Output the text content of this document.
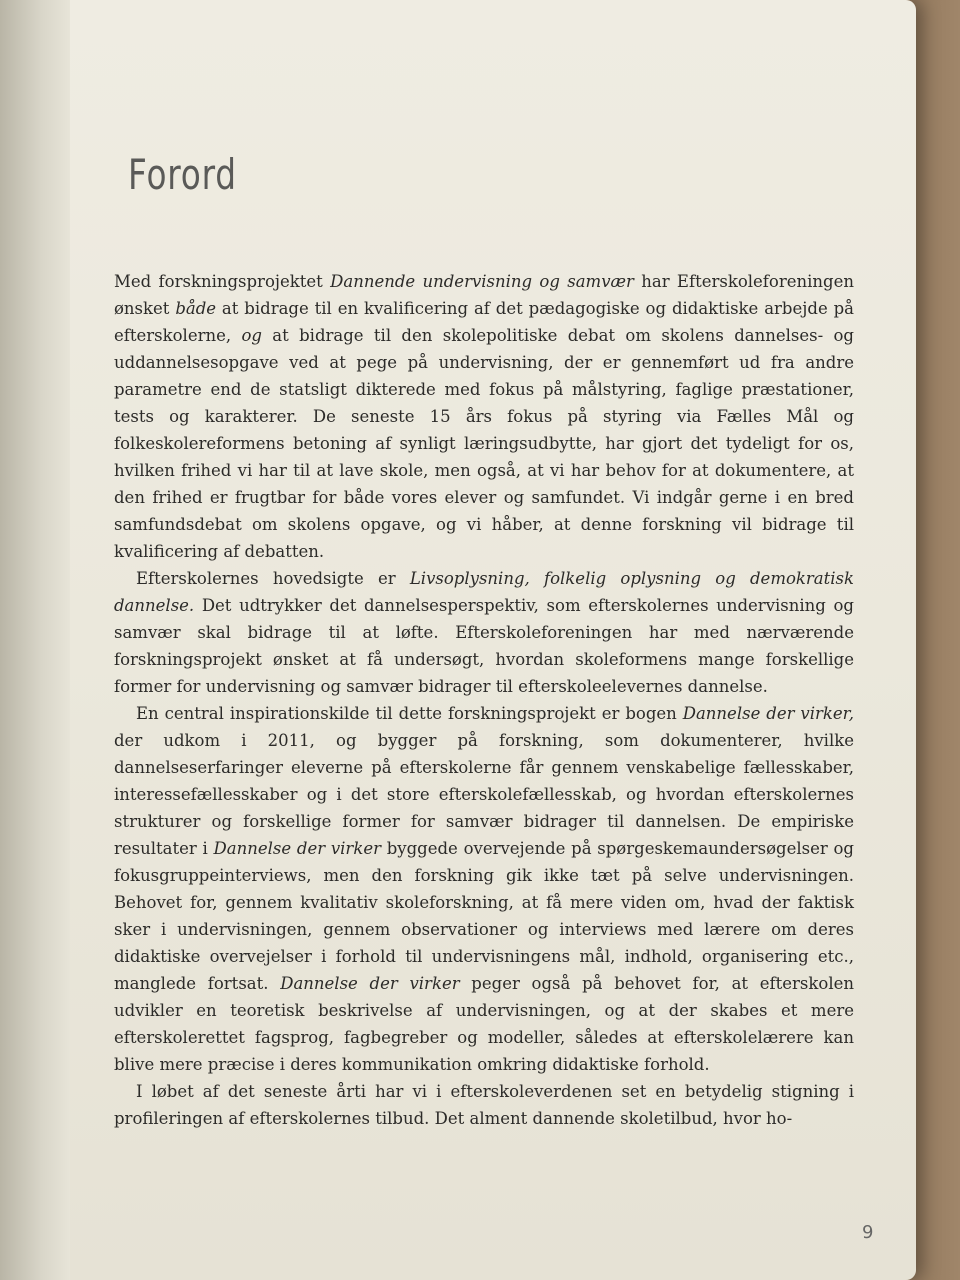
Forord

Med forskningsprojektet Dannende undervisning og samvær har Efterskoleforeningen ønsket både at bidrage til en kvalificering af det pædagogiske og didaktiske arbejde på efterskolerne, og at bidrage til den skolepolitiske debat om skolens dannelses- og uddannelsesopgave ved at pege på undervisning, der er gennemført ud fra andre parametre end de statsligt dikterede med fokus på målstyring, faglige præstationer, tests og karakterer. De seneste 15 års fokus på styring via Fælles Mål og folkeskolereformens betoning af synligt læringsudbytte, har gjort det tydeligt for os, hvilken frihed vi har til at lave skole, men også, at vi har behov for at dokumentere, at den frihed er frugtbar for både vores elever og samfundet. Vi indgår gerne i en bred samfundsdebat om skolens opgave, og vi håber, at denne forskning vil bidrage til kvalificering af debatten.

Efterskolernes hovedsigte er Livsoplysning, folkelig oplysning og demokratisk dannelse. Det udtrykker det dannelsesperspektiv, som efterskolernes undervisning og samvær skal bidrage til at løfte. Efterskoleforeningen har med nærværende forskningsprojekt ønsket at få undersøgt, hvordan skoleformens mange forskellige former for undervisning og samvær bidrager til efterskoleelevernes dannelse.

En central inspirationskilde til dette forskningsprojekt er bogen Dannelse der virker, der udkom i 2011, og bygger på forskning, som dokumenterer, hvilke dannelseserfaringer eleverne på efterskolerne får gennem venskabelige fællesskaber, interessefællesskaber og i det store efterskolefællesskab, og hvordan efterskolernes strukturer og forskellige former for samvær bidrager til dannelsen. De empiriske resultater i Dannelse der virker byggede overvejende på spørgeskemaundersøgelser og fokusgruppeinterviews, men den forskning gik ikke tæt på selve undervisningen. Behovet for, gennem kvalitativ skoleforskning, at få mere viden om, hvad der faktisk sker i undervisningen, gennem observationer og interviews med lærere om deres didaktiske overvejelser i forhold til undervisningens mål, indhold, organisering etc., manglede fortsat. Dannelse der virker peger også på behovet for, at efterskolen udvikler en teoretisk beskrivelse af undervisningen, og at der skabes et mere efterskolerettet fagsprog, fagbegreber og modeller, således at efterskolelærere kan blive mere præcise i deres kommunikation omkring didaktiske forhold.

I løbet af det seneste årti har vi i efterskoleverdenen set en betydelig stigning i profileringen af efterskolernes tilbud. Det alment dannende skoletilbud, hvor ho-

9
